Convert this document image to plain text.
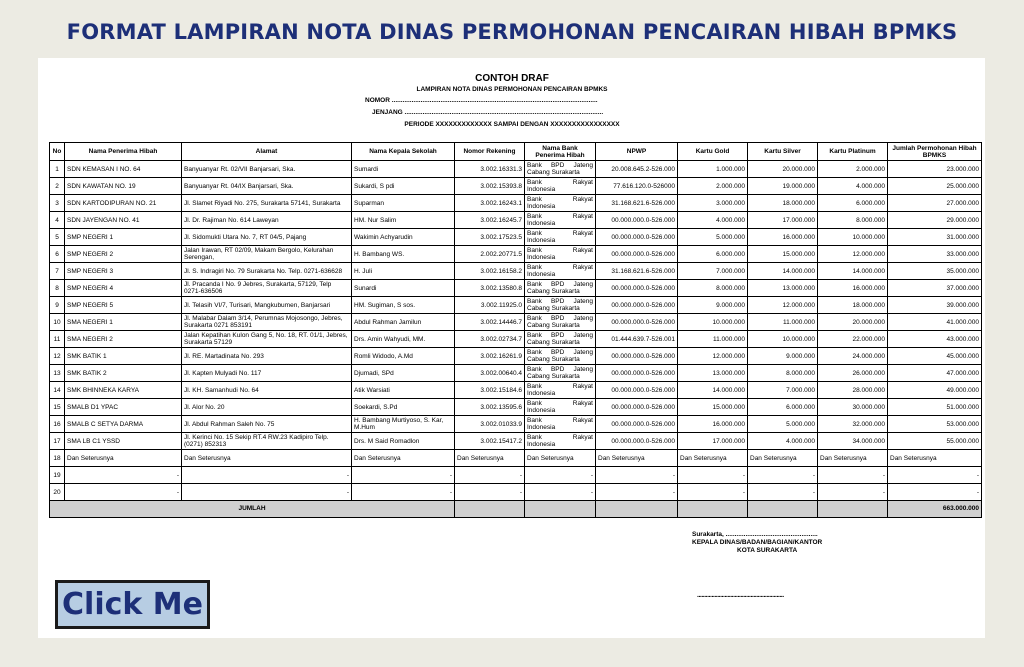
FORMAT LAMPIRAN NOTA DINAS PERMOHONAN PENCAIRAN HIBAH BPMKS
CONTOH DRAF
LAMPIRAN NOTA DINAS PERMOHONAN PENCAIRAN BPMKS
NOMOR ..................................................................................................................
JENJANG ..............................................................................................................
PERIODE XXXXXXXXXXXXX SAMPAI DENGAN XXXXXXXXXXXXXXXX
No	Nama Penerima Hibah	Alamat	Nama Kepala Sekolah	Nomor Rekening	Nama Bank Penerima Hibah	NPWP	Kartu Gold	Kartu Silver	Kartu Platinum	Jumlah Permohonan Hibah BPMKS
1	SDN KEMASAN I NO. 64	Banyuanyar Rt. 02/VII Banjarsari, Ska.	Sumardi	3.002.16331.3	Bank BPD Jateng Cabang Surakarta	20.008.645.2-526.000	1.000.000	20.000.000	2.000.000	23.000.000
2	SDN KAWATAN NO. 19	Banyuanyar Rt. 04/IX Banjarsari, Ska.	Sukardi, S pdi	3.002.15393.8	Bank Rakyat Indonesia	77.616.120.0-526000	2.000.000	19.000.000	4.000.000	25.000.000
3	SDN KARTODIPURAN NO. 21	Jl. Slamet Riyadi No. 275, Surakarta 57141, Surakarta	Suparman	3.002.16243.1	Bank Rakyat Indonesia	31.168.621.6-526.000	3.000.000	18.000.000	6.000.000	27.000.000
4	SDN JAYENGAN NO. 41	Jl. Dr. Rajiman No. 614 Laweyan	HM. Nur Salim	3.002.16245.7	Bank Rakyat Indonesia	00.000.000.0-526.000	4.000.000	17.000.000	8.000.000	29.000.000
5	SMP NEGERI 1	Jl. Sidomukti Utara No. 7, RT 04/5, Pajang	Wakimin Achyarudin	3.002.17523.5	Bank Rakyat Indonesia	00.000.000.0-526.000	5.000.000	16.000.000	10.000.000	31.000.000
6	SMP NEGERI 2	Jalan Irawan, RT 02/09, Makam Bergolo, Kelurahan Serengan,	H. Bambang WS.	2.002.20771.5	Bank Rakyat Indonesia	00.000.000.0-526.000	6.000.000	15.000.000	12.000.000	33.000.000
7	SMP NEGERI 3	Jl. S. Indragiri No. 79 Surakarta No. Telp. 0271-636628	H. Juli	3.002.16158.2	Bank Rakyat Indonesia	31.168.621.6-526.000	7.000.000	14.000.000	14.000.000	35.000.000
8	SMP NEGERI 4	Jl. Pracanda I No. 9 Jebres, Surakarta, 57129, Telp 0271-636506	Sunardi	3.002.13580.8	Bank BPD Jateng Cabang Surakarta	00.000.000.0-526.000	8.000.000	13.000.000	16.000.000	37.000.000
9	SMP NEGERI 5	Jl. Telasih VI/7, Turisari, Mangkubumen, Banjarsari	HM. Sugiman, S sos.	3.002.11925.0	Bank BPD Jateng Cabang Surakarta	00.000.000.0-526.000	9.000.000	12.000.000	18.000.000	39.000.000
10	SMA NEGERI 1	Jl. Malabar Dalam 3/14, Perumnas Mojosongo, Jebres, Surakarta 0271 853191	Abdul Rahman Jamilun	3.002.14446.7	Bank BPD Jateng Cabang Surakarta	00.000.000.0-526.000	10.000.000	11.000.000	20.000.000	41.000.000
11	SMA NEGERI 2	Jalan Kepatihan Kulon Gang 5, No. 18, RT. 01/1, Jebres, Surakarta 57129	Drs. Amin Wahyudi, MM.	3.002.02734.7	Bank BPD Jateng Cabang Surakarta	01.444.639.7-526.001	11.000.000	10.000.000	22.000.000	43.000.000
12	SMK BATIK 1	Jl. RE. Martadinata No. 293	Romli Widodo, A.Md	3.002.16261.9	Bank BPD Jateng Cabang Surakarta	00.000.000.0-526.000	12.000.000	9.000.000	24.000.000	45.000.000
13	SMK BATIK 2	Jl. Kapten Mulyadi No. 117	Djumadi, SPd	3.002.00640.4	Bank BPD Jateng Cabang Surakarta	00.000.000.0-526.000	13.000.000	8.000.000	26.000.000	47.000.000
14	SMK BHINNEKA KARYA	Jl. KH. Samanhudi No. 64	Atik Warsiati	3.002.15184.6	Bank Rakyat Indonesia	00.000.000.0-526.000	14.000.000	7.000.000	28.000.000	49.000.000
15	SMALB D1 YPAC	Jl. Alor No. 20	Soekardi, S.Pd	3.002.13595.6	Bank Rakyat Indonesia	00.000.000.0-526.000	15.000.000	6.000.000	30.000.000	51.000.000
16	SMALB C SETYA DARMA	Jl. Abdul Rahman Saleh No. 75	H. Bambang Murtiyoso, S. Kar, M.Hum	3.002.01033.9	Bank Rakyat Indonesia	00.000.000.0-526.000	16.000.000	5.000.000	32.000.000	53.000.000
17	SMA LB C1 YSSD	Jl. Kerinci No. 15 Sekip RT.4 RW.23 Kadipiro Telp. (0271) 852313	Drs. M Said Romadlon	3.002.15417.2	Bank Rakyat Indonesia	00.000.000.0-526.000	17.000.000	4.000.000	34.000.000	55.000.000
18	Dan Seterusnya	Dan Seterusnya	Dan Seterusnya	Dan Seterusnya	Dan Seterusnya	Dan Seterusnya	Dan Seterusnya	Dan Seterusnya	Dan Seterusnya	Dan Seterusnya
19	-	-	-	-	-	-	-	-	-	-
20	-	-	-	-	-	-	-	-	-	-
JUMLAH										663.000.000
Surakarta, ...................................................
KEPALA DINAS/BADAN/BAGIAN/KANTOR
KOTA SURAKARTA
............................................................
Click Me
